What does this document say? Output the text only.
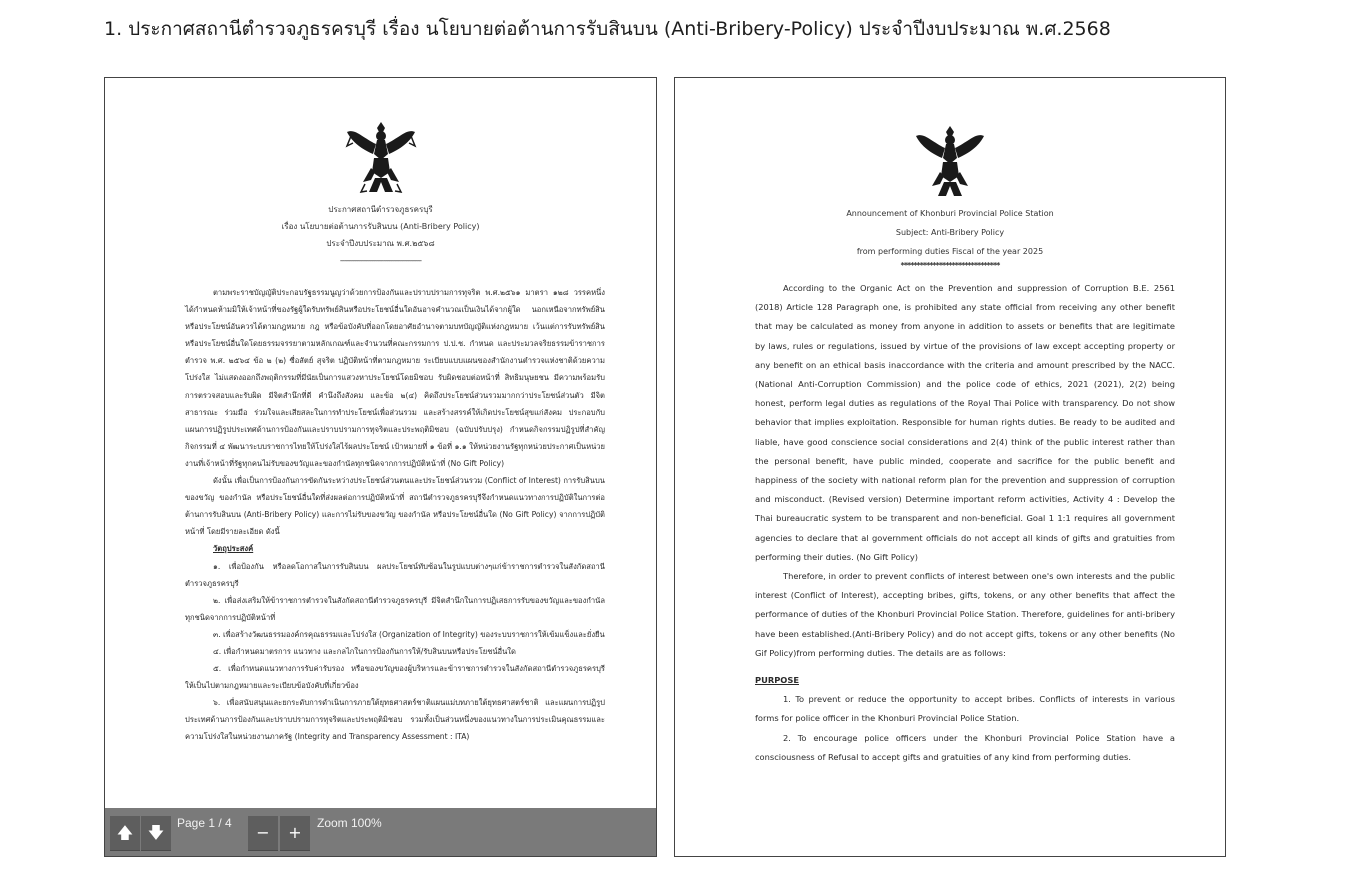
1. ประกาศสถานีตำรวจภูธรครบุรี เรื่อง นโยบายต่อต้านการรับสินบน (Anti-Bribery-Policy) ประจำปีงบประมาณ พ.ศ.2568
ประกาศสถานีตำรวจภูธรครบุรี
เรื่อง นโยบายต่อต้านการรับสินบน (Anti-Bribery Policy)
ประจำปีงบประมาณ พ.ศ.๒๕๖๘
-------------------------------------------

ตามพระราชบัญญัติประกอบรัฐธรรมนูญว่าด้วยการป้องกันและปราบปรามการทุจริต พ.ศ.๒๕๖๑ มาตรา ๑๒๘ วรรคหนึ่ง ได้กำหนดห้ามมิให้เจ้าหน้าที่ของรัฐผู้ใดรับทรัพย์สินหรือประโยชน์อื่นใดอันอาจคำนวณเป็นเงินได้จากผู้ใด นอกเหนือจากทรัพย์สินหรือประโยชน์อันควรได้ตามกฎหมาย กฎ หรือข้อบังคับที่ออกโดยอาศัยอำนาจตามบทบัญญัติแห่งกฎหมาย เว้นแต่การรับทรัพย์สินหรือประโยชน์อื่นใดโดยธรรมจรรยาตามหลักเกณฑ์และจำนวนที่คณะกรรมการ ป.ป.ช. กำหนด และประมวลจริยธรรมข้าราชการตำรวจ พ.ศ. ๒๕๖๔ ข้อ ๒ (๒) ซื่อสัตย์ สุจริต ปฏิบัติหน้าที่ตามกฎหมาย ระเบียบแบบแผนของสำนักงานตำรวจแห่งชาติด้วยความโปร่งใส ไม่แสดงออกถึงพฤติกรรมที่มีนัยเป็นการแสวงหาประโยชน์โดยมิชอบ รับผิดชอบต่อหน้าที่ สิทธิมนุษยชน มีความพร้อมรับการตรวจสอบและรับผิด มีจิตสำนึกที่ดี คำนึงถึงสังคม และข้อ ๒(๔) คิดถึงประโยชน์ส่วนรวมมากกว่าประโยชน์ส่วนตัว มีจิตสาธารณะ ร่วมมือ ร่วมใจและเสียสละในการทำประโยชน์เพื่อส่วนรวม และสร้างสรรค์ให้เกิดประโยชน์สุขแก่สังคม ประกอบกับแผนการปฏิรูปประเทศด้านการป้องกันและปราบปรามการทุจริตและประพฤติมิชอบ (ฉบับปรับปรุง) กำหนดกิจกรรมปฏิรูปที่สำคัญ กิจกรรมที่ ๔ พัฒนาระบบราชการไทยให้โปร่งใสไร้ผลประโยชน์ เป้าหมายที่ ๑ ข้อที่ ๑.๑ ให้หน่วยงานรัฐทุกหน่วยประกาศเป็นหน่วยงานที่เจ้าหน้าที่รัฐทุกคนไม่รับของขวัญและของกำนัลทุกชนิดจากการปฏิบัติหน้าที่ (No Gift Policy)

ดังนั้น เพื่อเป็นการป้องกันการขัดกันระหว่างประโยชน์ส่วนตนและประโยชน์ส่วนรวม (Conflict of Interest) การรับสินบน ของขวัญ ของกำนัล หรือประโยชน์อื่นใดที่ส่งผลต่อการปฏิบัติหน้าที่ สถานีตำรวจภูธรครบุรีจึงกำหนดแนวทางการปฏิบัติในการต่อต้านการรับสินบน (Anti-Bribery Policy) และการไม่รับของขวัญ ของกำนัล หรือประโยชน์อื่นใด (No Gift Policy) จากการปฏิบัติหน้าที่ โดยมีรายละเอียด ดังนี้

วัตถุประสงค์

๑. เพื่อป้องกัน หรือลดโอกาสในการรับสินบน ผลประโยชน์ทับซ้อนในรูปแบบต่างๆแก่ข้าราชการตำรวจในสังกัดสถานีตำรวจภูธรครบุรี

๒. เพื่อส่งเสริมให้ข้าราชการตำรวจในสังกัดสถานีตำรวจภูธรครบุรี มีจิตสำนึกในการปฏิเสธการรับของขวัญและของกำนัลทุกชนิดจากการปฏิบัติหน้าที่

๓. เพื่อสร้างวัฒนธรรมองค์กรคุณธรรมและโปร่งใส (Organization of Integrity) ของระบบราชการให้เข้มแข็งและยั่งยืน

๔. เพื่อกำหนดมาตรการ แนวทาง และกลไกในการป้องกันการให้/รับสินบนหรือประโยชน์อื่นใด

๕. เพื่อกำหนดแนวทางการรับค่ารับรอง หรือของขวัญของผู้บริหารและข้าราชการตำรวจในสังกัดสถานีตำรวจภูธรครบุรี ให้เป็นไปตามกฎหมายและระเบียบข้อบังคับที่เกี่ยวข้อง

๖. เพื่อสนับสนุนและยกระดับการดำเนินการภายใต้ยุทธศาสตร์ชาติแผนแม่บทภายใต้ยุทธศาสตร์ชาติ และแผนการปฏิรูปประเทศด้านการป้องกันและปราบปรามการทุจริตและประพฤติมิชอบ รวมทั้งเป็นส่วนหนึ่งของแนวทางในการประเมินคุณธรรมและความโปร่งใสในหน่วยงานภาครัฐ (Integrity and Transparency Assessment : ITA)

🡅 🡇	Page 1 / 4	−	+	Zoom 100%
Announcement of Khonburi Provincial Police Station
Subject: Anti-Bribery Policy
from performing duties Fiscal of the year 2025
*******************************

According to the Organic Act on the Prevention and suppression of Corruption B.E. 2561 (2018) Article 128 Paragraph one, is prohibited any state official from receiving any other benefit that may be calculated as money from anyone in addition to assets or benefits that are legitimate by laws, rules or regulations, issued by virtue of the provisions of law except accepting property or any benefit on an ethical basis inaccordance with the criteria and amount prescribed by the NACC. (National Anti-Corruption Commission) and the police code of ethics, 2021 (2021), 2(2) being honest, perform legal duties as regulations of the Royal Thai Police with transparency. Do not show behavior that implies exploitation. Responsible for human rights duties. Be ready to be audited and liable, have good conscience social considerations and 2(4) think of the public interest rather than the personal benefit, have public minded, cooperate and sacrifice for the public benefit and happiness of the society with national reform plan for the prevention and suppression of corruption and misconduct. (Revised version) Determine important reform activities, Activity 4 : Develop the Thai bureaucratic system to be transparent and non-beneficial. Goal 1 1:1 requires all government agencies to declare that al government officials do not accept all kinds of gifts and gratuities from performing their duties. (No Gift Policy)

Therefore, in order to prevent conflicts of interest between one's own interests and the public interest (Conflict of Interest), accepting bribes, gifts, tokens, or any other benefits that affect the performance of duties of the Khonburi Provincial Police Station. Therefore, guidelines for anti-bribery have been established.(Anti-Bribery Policy) and do not accept gifts, tokens or any other benefits (No Gif Policy)from performing duties. The details are as follows:

PURPOSE

1. To prevent or reduce the opportunity to accept bribes. Conflicts of interests in various forms for police officer in the Khonburi Provincial Police Station.

2. To encourage police officers under the Khonburi Provincial Police Station have a consciousness of Refusal to accept gifts and gratuities of any kind from performing duties.
